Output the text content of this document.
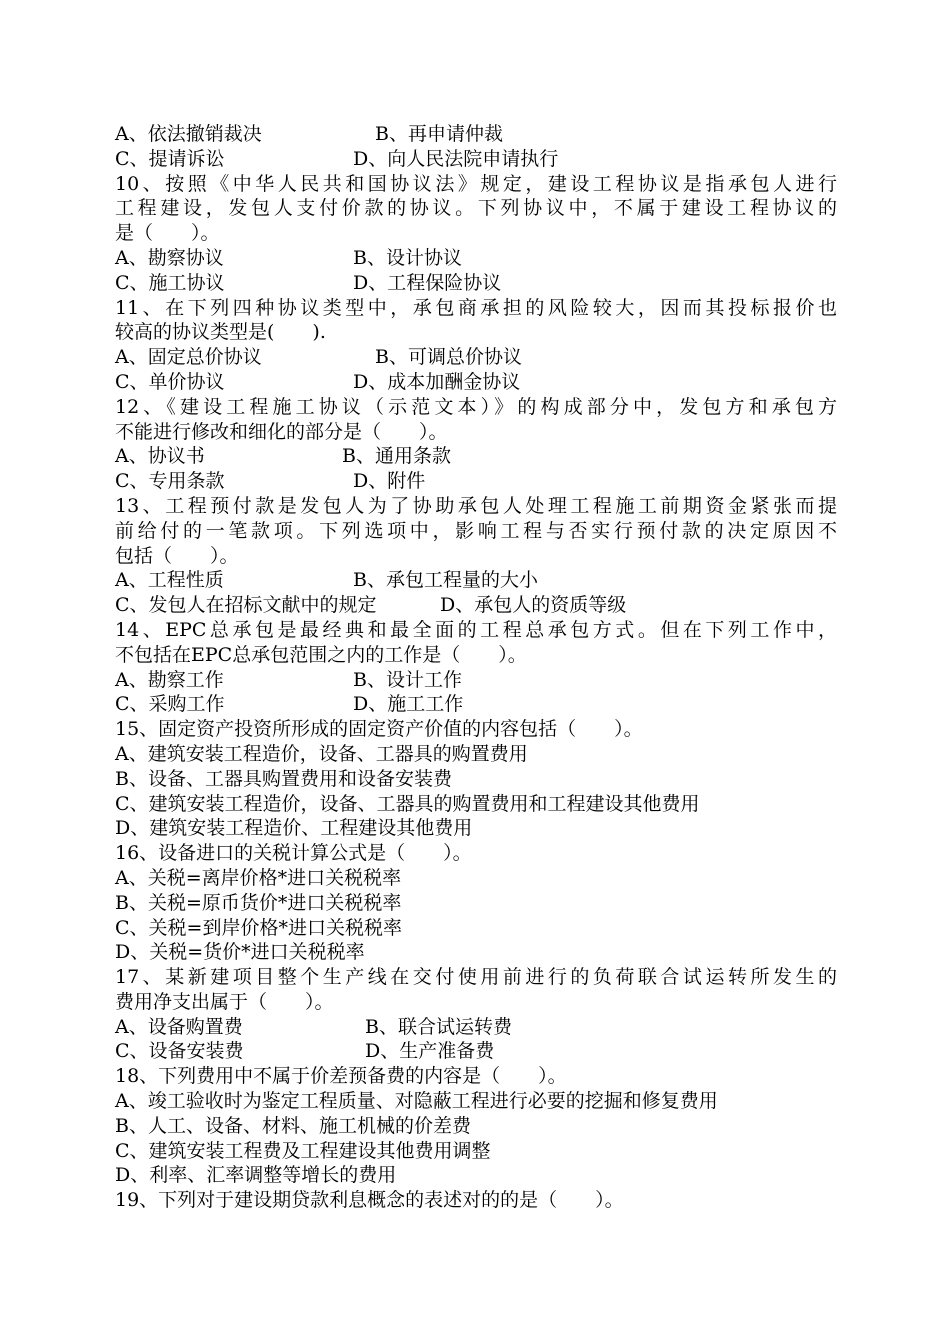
A、依法撤销裁决	B、再申请仲裁
C、提请诉讼	D、向人民法院申请执行
10、按照《中华人民共和国协议法》规定，建设工程协议是指承包人进行
工程建设，发包人支付价款的协议。下列协议中，不属于建设工程协议的
是（　　）。
A、勘察协议	B、设计协议
C、施工协议	D、工程保险协议
11、在下列四种协议类型中，承包商承担的风险较大，因而其投标报价也
较高的协议类型是(　　).
A、固定总价协议	B、可调总价协议
C、单价协议	D、成本加酬金协议
12、《建设工程施工协议（示范文本）》的构成部分中，发包方和承包方
不能进行修改和细化的部分是（　　）。
A、协议书	B、通用条款
C、专用条款	D、附件
13、工程预付款是发包人为了协助承包人处理工程施工前期资金紧张而提
前给付的一笔款项。下列选项中，影响工程与否实行预付款的决定原因不
包括（　　）。
A、工程性质	B、承包工程量的大小
C、发包人在招标文献中的规定	D、承包人的资质等级
14、EPC总承包是最经典和最全面的工程总承包方式。但在下列工作中，
不包括在EPC总承包范围之内的工作是（　　）。
A、勘察工作	B、设计工作
C、采购工作	D、施工工作
15、固定资产投资所形成的固定资产价值的内容包括（　　）。
A、建筑安装工程造价，设备、工器具的购置费用
B、设备、工器具购置费用和设备安装费
C、建筑安装工程造价，设备、工器具的购置费用和工程建设其他费用
D、建筑安装工程造价、工程建设其他费用
16、设备进口的关税计算公式是（　　）。
A、关税=离岸价格*进口关税税率
B、关税=原币货价*进口关税税率
C、关税=到岸价格*进口关税税率
D、关税=货价*进口关税税率
17、某新建项目整个生产线在交付使用前进行的负荷联合试运转所发生的
费用净支出属于（　　）。
A、设备购置费	B、联合试运转费
C、设备安装费	D、生产准备费
18、下列费用中不属于价差预备费的内容是（　　）。
A、竣工验收时为鉴定工程质量、对隐蔽工程进行必要的挖掘和修复费用
B、人工、设备、材料、施工机械的价差费
C、建筑安装工程费及工程建设其他费用调整
D、利率、汇率调整等增长的费用
19、下列对于建设期贷款利息概念的表述对的的是（　　）。
